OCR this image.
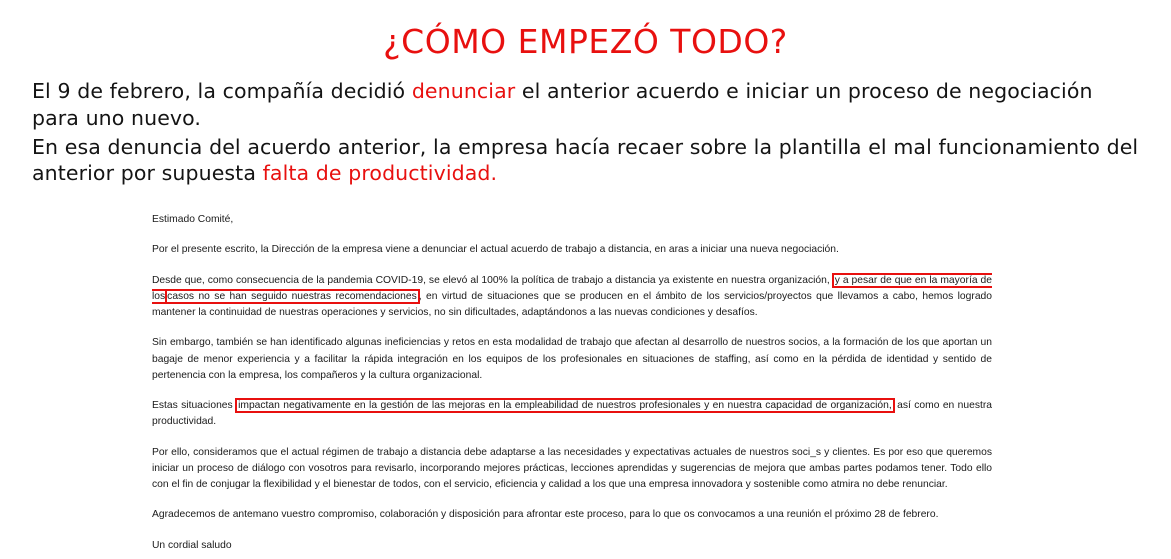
¿CÓMO EMPEZÓ TODO?

El 9 de febrero, la compañía decidió denunciar el anterior acuerdo e iniciar un proceso de negociación para uno nuevo.

En esa denuncia del acuerdo anterior, la empresa hacía recaer sobre la plantilla el mal funcionamiento del anterior por supuesta falta de productividad.

Estimado Comité,

Por el presente escrito, la Dirección de la empresa viene a denunciar el actual acuerdo de trabajo a distancia, en aras a iniciar una nueva negociación.

Desde que, como consecuencia de la pandemia COVID-19, se elevó al 100% la política de trabajo a distancia ya existente en nuestra organización, y a pesar de que en la mayoría de los casos no se han seguido nuestras recomendaciones , en virtud de situaciones que se producen en el ámbito de los servicios/proyectos que llevamos a cabo, hemos logrado mantener la continuidad de nuestras operaciones y servicios, no sin dificultades, adaptándonos a las nuevas condiciones y desafíos.

Sin embargo, también se han identificado algunas ineficiencias y retos en esta modalidad de trabajo que afectan al desarrollo de nuestros socios, a la formación de los que aportan un bagaje de menor experiencia y a facilitar la rápida integración en los equipos de los profesionales en situaciones de staffing, así como en la pérdida de identidad y sentido de pertenencia con la empresa, los compañeros y la cultura organizacional.

Estas situaciones impactan negativamente en la gestión de las mejoras en la empleabilidad de nuestros profesionales y en nuestra capacidad de organización, así como en nuestra productividad.

Por ello, consideramos que el actual régimen de trabajo a distancia debe adaptarse a las necesidades y expectativas actuales de nuestros soci_s y clientes. Es por eso que queremos iniciar un proceso de diálogo con vosotros para revisarlo, incorporando mejores prácticas, lecciones aprendidas y sugerencias de mejora que ambas partes podamos tener. Todo ello con el fin de conjugar la flexibilidad y el bienestar de todos, con el servicio, eficiencia y calidad a los que una empresa innovadora y sostenible como atmira no debe renunciar.

Agradecemos de antemano vuestro compromiso, colaboración y disposición para afrontar este proceso, para lo que os convocamos a una reunión el próximo 28 de febrero.

Un cordial saludo
